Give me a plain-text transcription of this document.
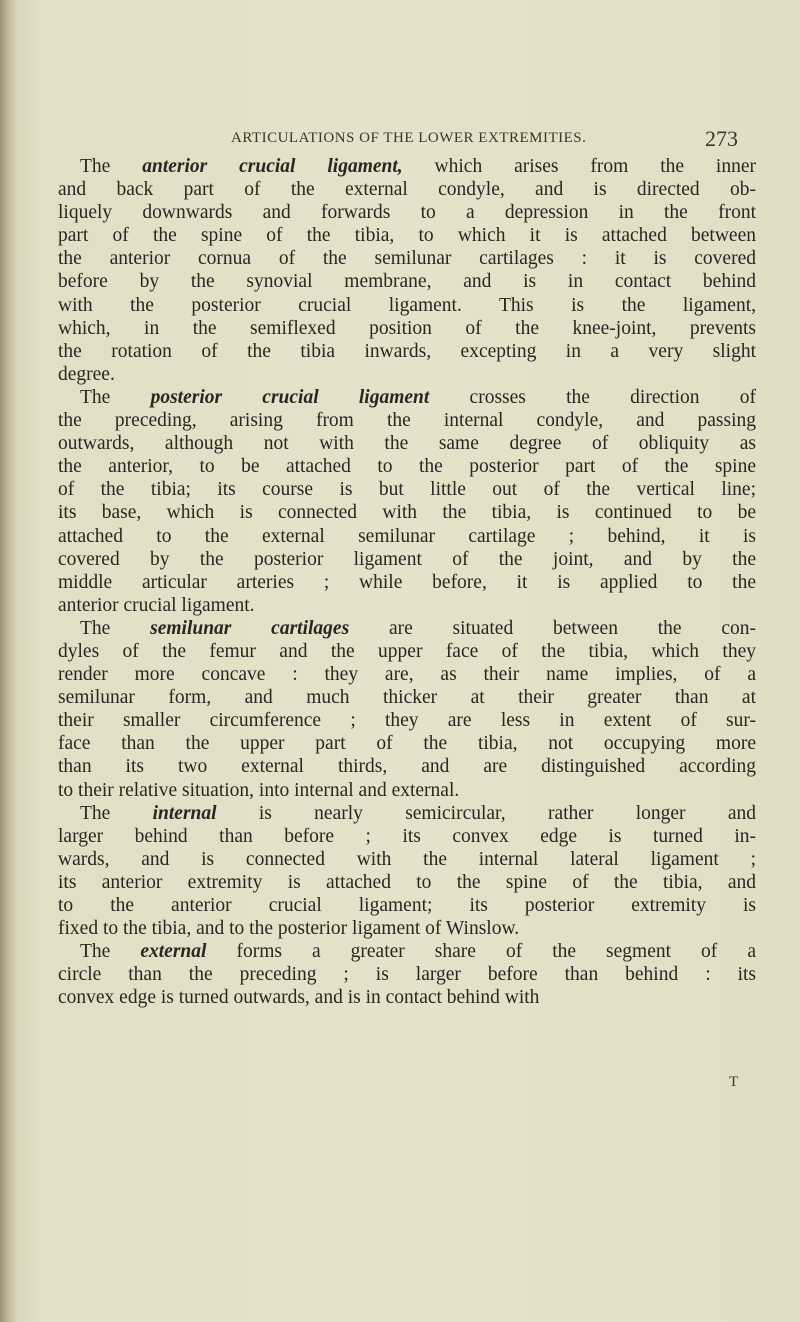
ARTICULATIONS OF THE LOWER EXTREMITIES.	273
The anterior crucial ligament, which arises from the inner
and back part of the external condyle, and is directed ob-
liquely downwards and forwards to a depression in the front
part of the spine of the tibia, to which it is attached between
the anterior cornua of the semilunar cartilages : it is covered
before by the synovial membrane, and is in contact behind
with the posterior crucial ligament. This is the ligament,
which, in the semiflexed position of the knee-joint, prevents
the rotation of the tibia inwards, excepting in a very slight
degree.
The posterior crucial ligament crosses the direction of
the preceding, arising from the internal condyle, and passing
outwards, although not with the same degree of obliquity as
the anterior, to be attached to the posterior part of the spine
of the tibia; its course is but little out of the vertical line;
its base, which is connected with the tibia, is continued to be
attached to the external semilunar cartilage ; behind, it is
covered by the posterior ligament of the joint, and by the
middle articular arteries ; while before, it is applied to the
anterior crucial ligament.
The semilunar cartilages are situated between the con-
dyles of the femur and the upper face of the tibia, which they
render more concave : they are, as their name implies, of a
semilunar form, and much thicker at their greater than at
their smaller circumference ; they are less in extent of sur-
face than the upper part of the tibia, not occupying more
than its two external thirds, and are distinguished according
to their relative situation, into internal and external.
The internal is nearly semicircular, rather longer and
larger behind than before ; its convex edge is turned in-
wards, and is connected with the internal lateral ligament ;
its anterior extremity is attached to the spine of the tibia, and
to the anterior crucial ligament; its posterior extremity is
fixed to the tibia, and to the posterior ligament of Winslow.
The external forms a greater share of the segment of a
circle than the preceding ; is larger before than behind : its
convex edge is turned outwards, and is in contact behind with
T
